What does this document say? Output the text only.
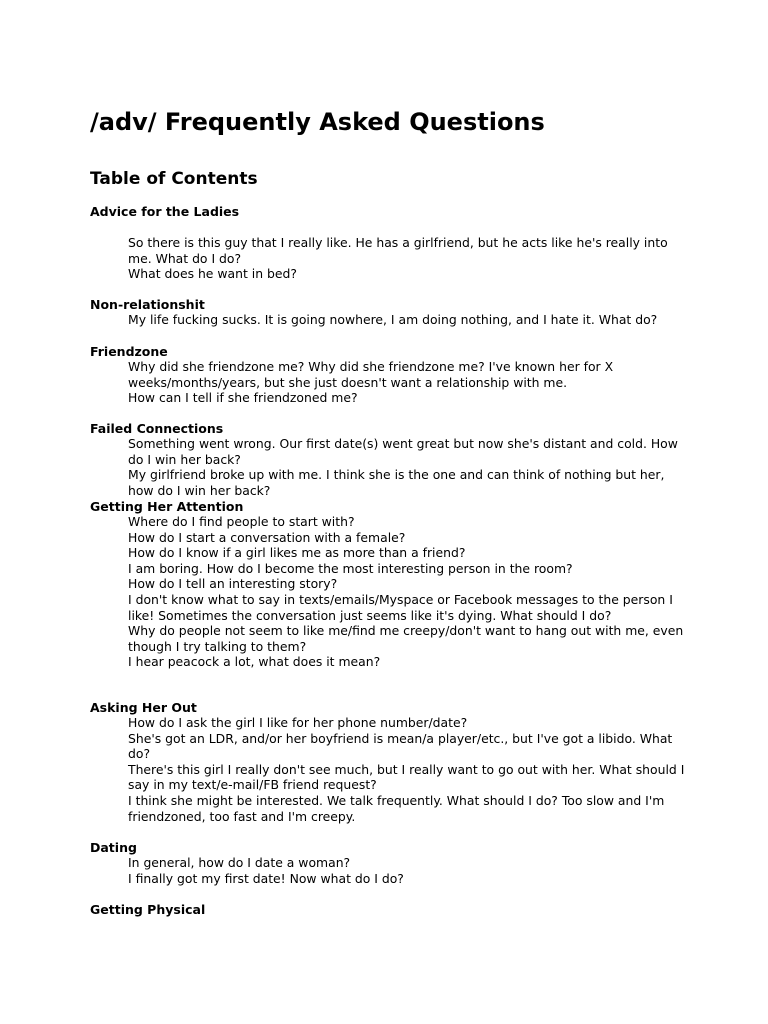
/adv/ Frequently Asked Questions
Table of Contents
Advice for the Ladies
So there is this guy that I really like. He has a girlfriend, but he acts like he's really into me. What do I do?
What does he want in bed?
Non-relationshit
My life fucking sucks. It is going nowhere, I am doing nothing, and I hate it. What do?
Friendzone
Why did she friendzone me? Why did she friendzone me? I've known her for X weeks/months/years, but she just doesn't want a relationship with me.
How can I tell if she friendzoned me?
Failed Connections
Something went wrong. Our first date(s) went great but now she's distant and cold. How do I win her back?
My girlfriend broke up with me. I think she is the one and can think of nothing but her, how do I win her back?
Getting Her Attention
Where do I find people to start with?
How do I start a conversation with a female?
How do I know if a girl likes me as more than a friend?
I am boring. How do I become the most interesting person in the room?
How do I tell an interesting story?
I don't know what to say in texts/emails/Myspace or Facebook messages to the person I like! Sometimes the conversation just seems like it's dying. What should I do?
Why do people not seem to like me/find me creepy/don't want to hang out with me, even though I try talking to them?
I hear peacock a lot, what does it mean?
Asking Her Out
How do I ask the girl I like for her phone number/date?
She's got an LDR, and/or her boyfriend is mean/a player/etc., but I've got a libido. What do?
There's this girl I really don't see much, but I really want to go out with her. What should I say in my text/e-mail/FB friend request?
I think she might be interested. We talk frequently. What should I do? Too slow and I'm friendzoned, too fast and I'm creepy.
Dating
In general, how do I date a woman?
I finally got my first date! Now what do I do?
Getting Physical
